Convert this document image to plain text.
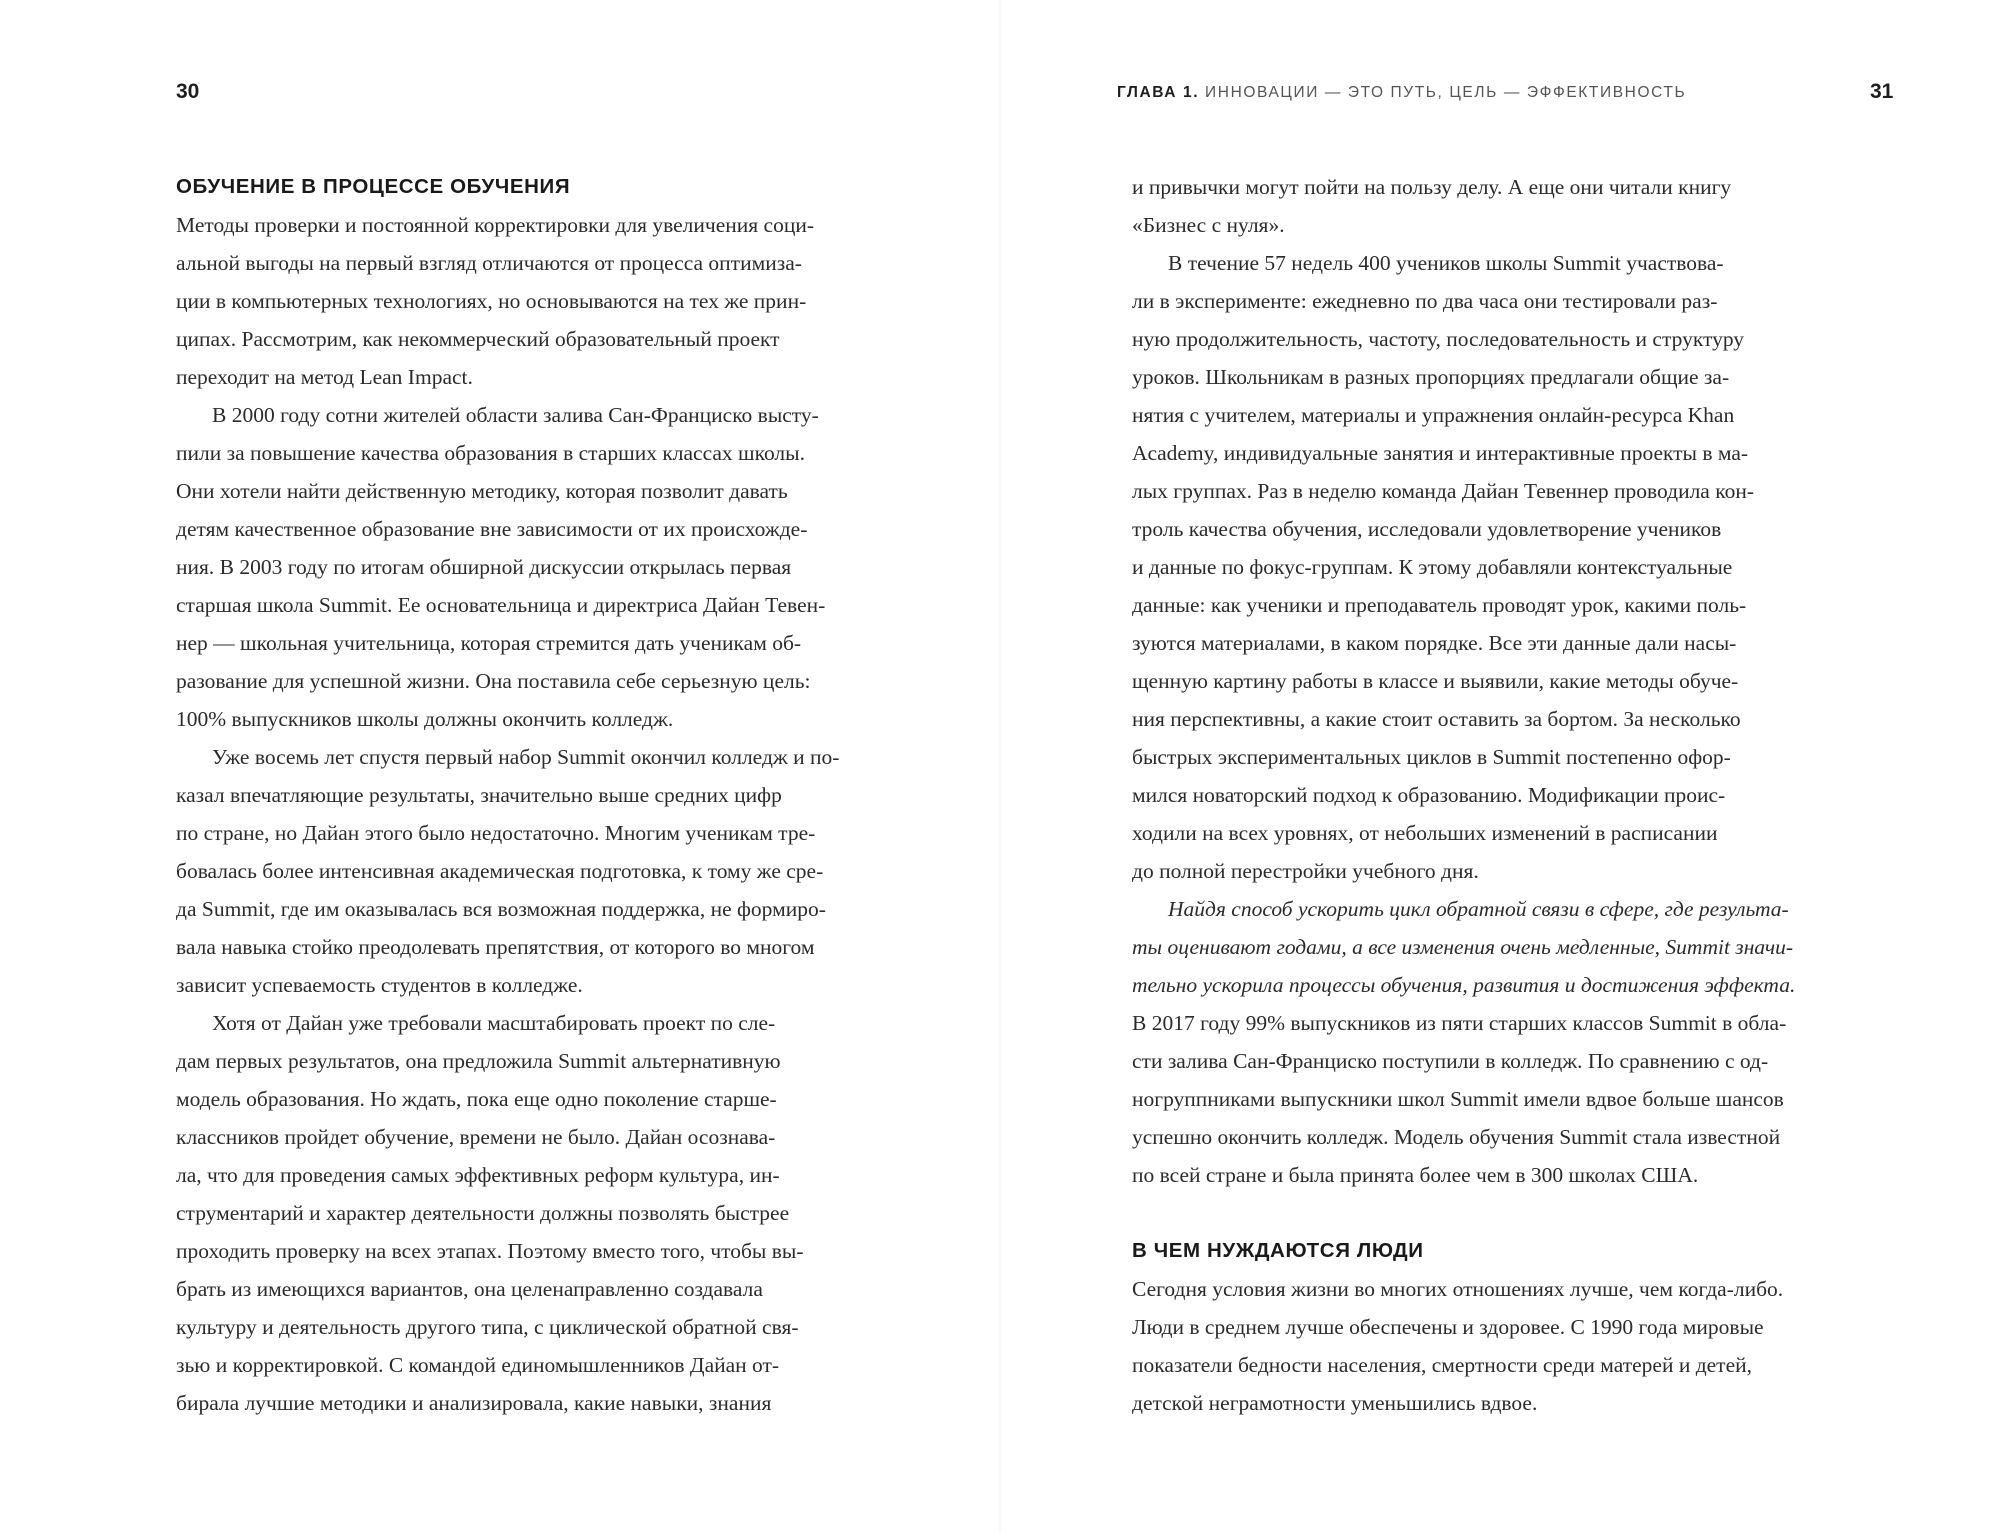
30
ОБУЧЕНИЕ В ПРОЦЕССЕ ОБУЧЕНИЯ
Методы проверки и постоянной корректировки для увеличения соци-
альной выгоды на первый взгляд отличаются от процесса оптимиза-
ции в компьютерных технологиях, но основываются на тех же прин-
ципах. Рассмотрим, как некоммерческий образовательный проект
переходит на метод Lean Impact.
В 2000 году сотни жителей области залива Сан-Франциско высту-
пили за повышение качества образования в старших классах школы.
Они хотели найти действенную методику, которая позволит давать
детям качественное образование вне зависимости от их происхожде-
ния. В 2003 году по итогам обширной дискуссии открылась первая
старшая школа Summit. Ее основательница и директриса Дайан Тевен-
нер — школьная учительница, которая стремится дать ученикам об-
разование для успешной жизни. Она поставила себе серьезную цель:
100% выпускников школы должны окончить колледж.
Уже восемь лет спустя первый набор Summit окончил колледж и по-
казал впечатляющие результаты, значительно выше средних цифр
по стране, но Дайан этого было недостаточно. Многим ученикам тре-
бовалась более интенсивная академическая подготовка, к тому же сре-
да Summit, где им оказывалась вся возможная поддержка, не формиро-
вала навыка стойко преодолевать препятствия, от которого во многом
зависит успеваемость студентов в колледже.
Хотя от Дайан уже требовали масштабировать проект по сле-
дам первых результатов, она предложила Summit альтернативную
модель образования. Но ждать, пока еще одно поколение старше-
классников пройдет обучение, времени не было. Дайан осознава-
ла, что для проведения самых эффективных реформ культура, ин-
струментарий и характер деятельности должны позволять быстрее
проходить проверку на всех этапах. Поэтому вместо того, чтобы вы-
брать из имеющихся вариантов, она целенаправленно создавала
культуру и деятельность другого типа, с циклической обратной свя-
зью и корректировкой. С командой единомышленников Дайан от-
бирала лучшие методики и анализировала, какие навыки, знания
ГЛАВА 1. ИННОВАЦИИ — ЭТО ПУТЬ, ЦЕЛЬ — ЭФФЕКТИВНОСТЬ	31
и привычки могут пойти на пользу делу. А еще они читали книгу
«Бизнес с нуля».
В течение 57 недель 400 учеников школы Summit участвова-
ли в эксперименте: ежедневно по два часа они тестировали раз-
ную продолжительность, частоту, последовательность и структуру
уроков. Школьникам в разных пропорциях предлагали общие за-
нятия с учителем, материалы и упражнения онлайн-ресурса Khan
Academy, индивидуальные занятия и интерактивные проекты в ма-
лых группах. Раз в неделю команда Дайан Тевеннер проводила кон-
троль качества обучения, исследовали удовлетворение учеников
и данные по фокус-группам. К этому добавляли контекстуальные
данные: как ученики и преподаватель проводят урок, какими поль-
зуются материалами, в каком порядке. Все эти данные дали насы-
щенную картину работы в классе и выявили, какие методы обуче-
ния перспективны, а какие стоит оставить за бортом. За несколько
быстрых экспериментальных циклов в Summit постепенно офор-
мился новаторский подход к образованию. Модификации проис-
ходили на всех уровнях, от небольших изменений в расписании
до полной перестройки учебного дня.
Найдя способ ускорить цикл обратной связи в сфере, где результа-
ты оценивают годами, а все изменения очень медленные, Summit значи-
тельно ускорила процессы обучения, развития и достижения эффекта.
В 2017 году 99% выпускников из пяти старших классов Summit в обла-
сти залива Сан-Франциско поступили в колледж. По сравнению с од-
ногруппниками выпускники школ Summit имели вдвое больше шансов
успешно окончить колледж. Модель обучения Summit стала известной
по всей стране и была принята более чем в 300 школах США.
В ЧЕМ НУЖДАЮТСЯ ЛЮДИ
Сегодня условия жизни во многих отношениях лучше, чем когда-либо.
Люди в среднем лучше обеспечены и здоровее. С 1990 года мировые
показатели бедности населения, смертности среди матерей и детей,
детской неграмотности уменьшились вдвое.
